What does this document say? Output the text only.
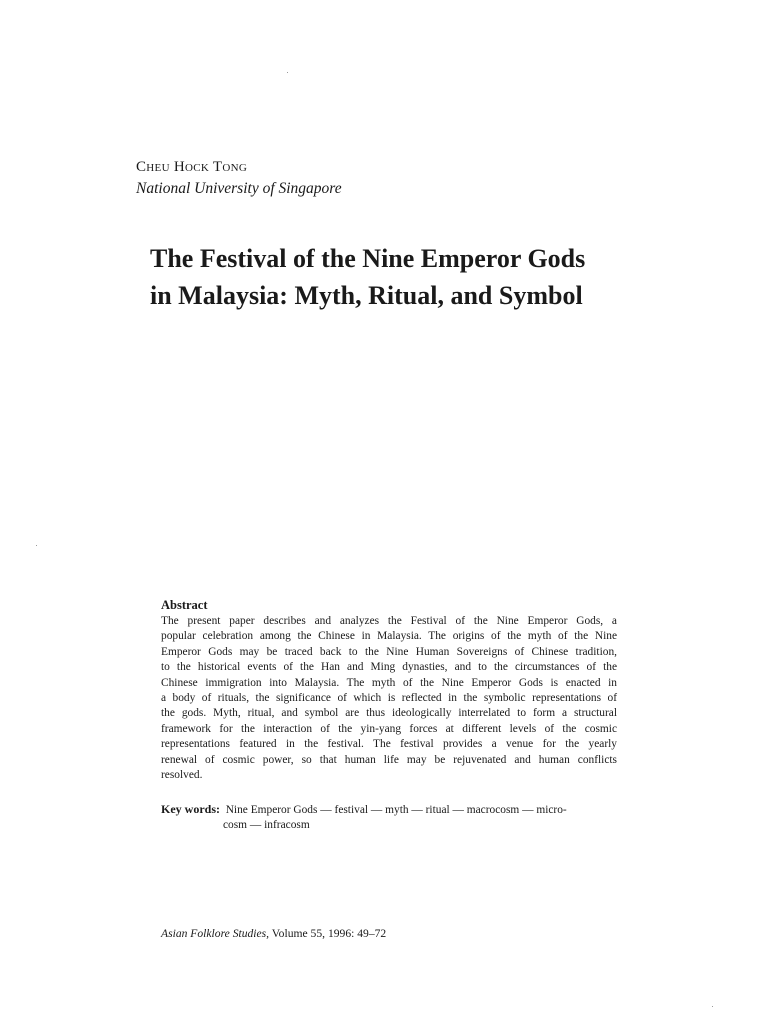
Cheu Hock Tong
National University of Singapore
The Festival of the Nine Emperor Gods
in Malaysia: Myth, Ritual, and Symbol
Abstract

The present paper describes and analyzes the Festival of the Nine Emperor Gods, a
popular celebration among the Chinese in Malaysia. The origins of the myth of the Nine
Emperor Gods may be traced back to the Nine Human Sovereigns of Chinese tradition,
to the historical events of the Han and Ming dynasties, and to the circumstances of the
Chinese immigration into Malaysia. The myth of the Nine Emperor Gods is enacted in
a body of rituals, the significance of which is reflected in the symbolic representations of
the gods. Myth, ritual, and symbol are thus ideologically interrelated to form a structural
framework for the interaction of the yin-yang forces at different levels of the cosmic
representations featured in the festival. The festival provides a venue for the yearly
renewal of cosmic power, so that human life may be rejuvenated and human conflicts
resolved.

Key words: Nine Emperor Gods — festival — myth — ritual — macrocosm — micro-
cosm — infracosm
Asian Folklore Studies, Volume 55, 1996: 49–72
